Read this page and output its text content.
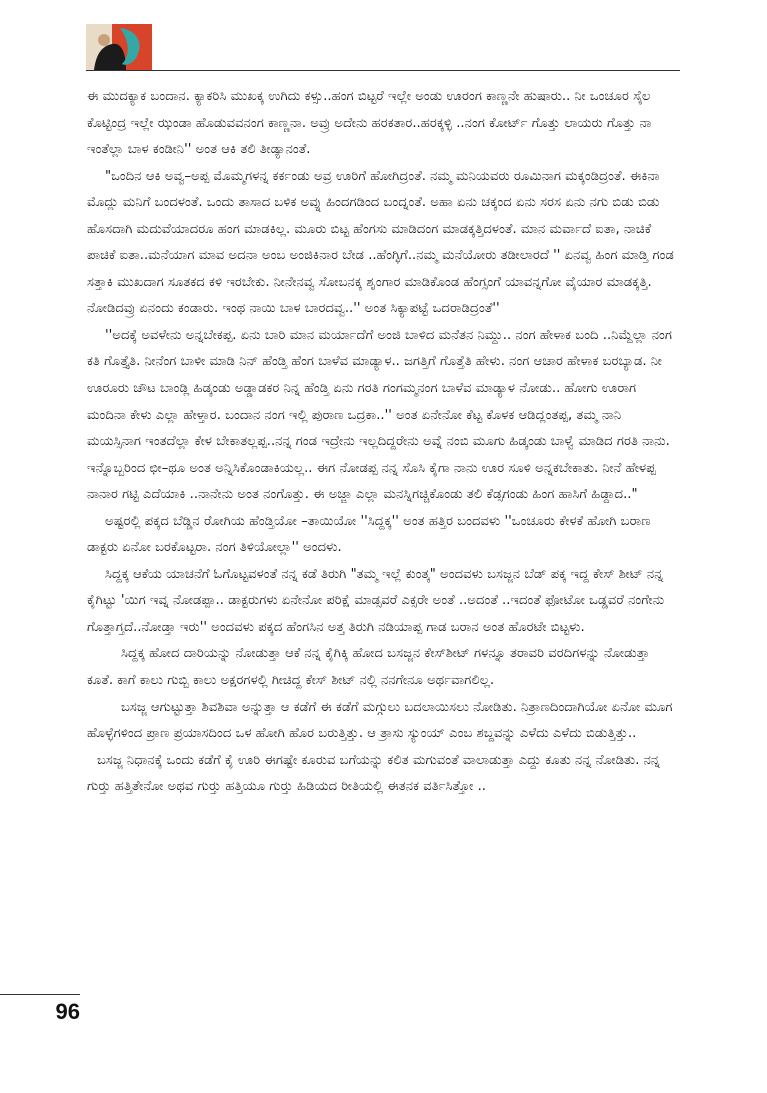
ಈ ಮುದಕ್ಯಾಕ ಬಂದಾನ. ಕ್ಯಾಕರಿಸಿ ಮುಖಕ್ಕ ಉಗಿದು ಕಳ್ಸು..ಹಂಗ ಬಿಟ್ಟರೆ ಇಲ್ಲೇ ಅಂಡು ಊರಂಗ ಕಾಣ್ಣನೇ ಹುಷಾರು.. ನೀ ಒಂಚೂರ ಸೈಲ ಕೊಟ್ಟಿಂದ್ರ ಇಲ್ಲೇ ಝಂಡಾ ಹೊಡುವವನಂಗ ಕಾಣ್ಣನಾ. ಅವ್ರು ಅದೇನು ಹರಕತಾರ..ಹರಕ್ಕಳ್ಳಿ ..ನಂಗ ಕೋರ್ಟ್ ಗೊತ್ತು ಲಾಯರು ಗೊತ್ತು ನಾ ಇಂತೆಲ್ಲಾ ಬಾಳ ಕಂಡೀನಿ'' ಅಂತ ಆಕಿ ತಲಿ ತೀಡ್ಯಾನಂತೆ.

"ಒಂದಿನ ಆಕಿ ಅವ್ವ–ಅಪ್ಪ ಮೊಮ್ಮಗಳನ್ನ ಕರ್ಕಂಡು ಅವ್ರ ಊರಿಗೆ ಹೋಗಿದ್ರಂತೆ. ನಮ್ಮ ಮನಿಯವರು ರೂಮಿನಾಗ ಮಕ್ಕಂಡಿದ್ರಂತೆ. ಈಕಿನಾ ಮೊದ್ಲು ಮನಿಗೆ ಬಂದಳಂತೆ. ಒಂದು ತಾಸಾದ ಬಳಿಕ ಅವ್ನು ಹಿಂದಗಡಿಂದ ಬಂದ್ನಂತೆ. ಅಹಾ ಏನು ಚಕ್ಕಂದ ಏನು ಸರಸ ಏನು ನಗು ಬಿಡು ಬಿಡು ಹೊಸದಾಗಿ ಮದುವೆಯಾದರೂ ಹಂಗ ಮಾಡಕಿಲ್ಲ. ಮೂರು ಬಿಟ್ಟ ಹೆಂಗಸು ಮಾಡಿದಂಗ ಮಾಡಕ್ಕತ್ತಿದಳಂತೆ. ಮಾನ ಮರ್ವಾದೆ ಐತಾ, ನಾಚಿಕೆ ಪಾಚಿಕೆ ಐತಾ..ಮನೆಯಾಗ ಮಾವ ಅದನಾ ಅಂಬ ಅಂಜಿಕಿನಾರ ಬೇಡ ..ಹೆಂಗ್ಳಿಗೆ..ನಮ್ಮ ಮನೆಯೋರು ತಡೀಲಾರದೆ '' ಏನವ್ವ ಹಿಂಗ ಮಾಡ್ತಿ ಗಂಡ ಸತ್ತಾಕಿ ಮುಖದಾಗ ಸೂತಕದ ಕಳಿ ಇರಬೇಕು. ನೀನೇನವ್ವ ಸೋಬನಕ್ಕ ಶೃಂಗಾರ ಮಾಡಿಕೊಂಡ ಹೆಂಗ್ಸಂಗೆ ಯಾವನ್ನಗೋ ವೈಯಾರ ಮಾಡಕ್ಕತ್ತಿ. ನೋಡಿದವ್ರು ಏನಂದು ಕಂಡಾರು. ಇಂಥ ನಾಯಿ ಬಾಳ ಬಾರದವ್ವ..'' ಅಂತ ಸಿಕ್ಯಾಪಟ್ಟೆ ಒದರಾಡಿದ್ರಂತೆ''

''ಅದಕ್ಕೆ ಅವಳೇನು ಅನ್ನಬೇಕಪ್ಪ. ಏನು ಬಾರಿ ಮಾನ ಮರ್ಯಾದೆಗೆ ಅಂಜಿ ಬಾಳಿದ ಮನೆತನ ನಿಮ್ದು.. ನಂಗ ಹೇಳಾಕ ಬಂದಿ ..ನಿಮ್ದೆಲ್ಲಾ ನಂಗ ಕತಿ ಗೊತ್ತೈತಿ. ನೀನೆಂಗ ಬಾಳೀ ಮಾಡಿ ನಿನ್ ಹೆಂಡ್ತಿ ಹೆಂಗ ಬಾಳೆವ ಮಾಡ್ಯಾಳ.. ಜಗತ್ತಿಗೆ ಗೊತ್ತೆತಿ ಹೇಳು. ನಂಗ ಆಚಾರ ಹೇಳಾಕ ಬರಬ್ಯಾಡ. ನೀ ಊರೂರು ಚೌಟ ಬಾಂಡ್ಲಿ ಹಿಡ್ಕಂಡು ಅಡ್ಡಾಡಕರ ನಿನ್ನ ಹೆಂಡ್ತಿ ಏನು ಗರತಿ ಗಂಗಮ್ಮನಂಗ ಬಾಳೆವ ಮಾಡ್ಯಾಳ ನೋಡು.. ಹೋಗು ಊರಾಗ ಮಂದಿನಾ ಕೇಳು ಎಲ್ಲಾ ಹೇಳ್ತಾರ. ಬಂದಾನ ನಂಗ ಇಲ್ಲಿ ಪುರಾಣ ಒದ್ರಕಾ..'' ಅಂತ ಏನೇನೋ ಕೆಟ್ಟ ಕೊಳಕ ಆಡಿದ್ಲಂತಪ್ಪ, ತಮ್ಮ ನಾನಿ ಮಯಸ್ಸಿನಾಗ ಇಂತದೆಲ್ಲಾ ಕೇಳ ಬೇಕಾತಲ್ಲಪ್ಪ..ನನ್ನ ಗಂಡ ಇದ್ರೇನು ಇಲ್ಲದಿದ್ದರೇನು ಅವ್ನೆ ನಂಬಿ ಮೂಗು ಹಿಡ್ಕಂಡು ಬಾಳ್ವೆ ಮಾಡಿದ ಗರತಿ ನಾನು. ಇನ್ನೊಬ್ಬರಿಂದ ಛೀ–ಥೂ ಅಂತ ಅನ್ನಿಸಿಕೊಂಡಾಕಿಯಲ್ಲ.. ಈಗ ನೋಡಪ್ಪ ನನ್ನ ಸೊಸಿ ಕೈಗಾ ನಾನು ಊರ ಸೂಳಿ ಅನ್ನಕಬೇಕಾತು. ನೀನೆ ಹೇಳಪ್ಪ ನಾನಾರ ಗಟ್ಟಿ ಎದೆಯಾಕಿ ..ನಾನೇನು ಅಂತ ನಂಗೊತ್ತು. ಈ ಅಜ್ಜಾ ಎಲ್ಲಾ ಮನಸ್ನಿಗಚ್ಚಿಕೊಂಡು ತಲಿ ಕೆಡ್ಸಗಂಡು ಹಿಂಗ ಹಾಸಿಗೆ ಹಿಡ್ದಾದ.."

ಅಷ್ಟರಲ್ಲಿ ಪಕ್ಕದ ಬೆಡ್ಡಿನ ರೋಗಿಯ ಹೆಂಡ್ತಿಯೋ –ತಾಯಿಯೋ ''ಸಿದ್ದಕ್ಕ'' ಅಂತ ಹತ್ತಿರ ಬಂದವಳು ''ಒಂಚೂರು ಕೇಳಕೆ ಹೋಗಿ ಬರಾಣ ಡಾಕ್ಟರು ಏನೋ ಬರಕೊಟ್ಟರಾ. ನಂಗ ತಿಳಿಯೋಲ್ಲಾ'' ಅಂದಳು.

ಸಿದ್ದಕ್ಕ ಆಕೆಯ ಯಾಚನೆಗೆ ಓಗೊಟ್ಟವಳಂತೆ ನನ್ನ ಕಡೆ ತಿರುಗಿ "ತಮ್ಮ ಇಲ್ಲೆ ಕುಂತ್ಕ" ಅಂದವಳು ಬಸಜ್ಜನ ಬೆಡ್ ಪಕ್ಕ ಇದ್ದ ಕೇಸ್ ಶೀಟ್ ನನ್ನ ಕೈಗಿಟ್ಟು 'ಯಿಗ ಇವ್ನ ನೋಡಪ್ಪಾ.. ಡಾಕ್ಟರುಗಳು ಏನೇನೋ ಪರಿಕ್ಷೆ ಮಾಡ್ಸವರೆ ಎಕ್ಸರೇ ಅಂತೆ ..ಅದಂತೆ ..ಇದಂತೆ ಫೋಟೋ ಒಡ್ಡವರೆ ನಂಗೇನು ಗೊತ್ತಾಗ್ತದೆ..ನೋಡ್ತಾ ಇರು'' ಅಂದವಳು ಪಕ್ಕದ ಹೆಂಗಸಿನ ಅತ್ತ ತಿರುಗಿ ನಡಿಯಾಪ್ಪ ಗಾಡ ಬರಾನ ಅಂತ ಹೊರಟೇ ಬಿಟ್ಟಳು.

ಸಿದ್ದಕ್ಕ ಹೋದ ದಾರಿಯನ್ನು ನೋಡುತ್ತಾ ಆಕೆ ನನ್ನ ಕೈಗಿಕ್ಕಿ ಹೋದ ಬಸಜ್ಜನ ಕೇಸ್‌ಶೀಟ್ ಗಳನ್ನೂ ತರಾವರಿ ವರದಿಗಳನ್ನು ನೋಡುತ್ತಾ ಕೂತೆ. ಕಾಗೆ ಕಾಲು ಗುಬ್ಬಿ ಕಾಲು ಅಕ್ಷರಗಳಲ್ಲಿ ಗೀಚಿದ್ದ ಕೇಸ್ ಶೀಟ್ ನಲ್ಲಿ ನನಗೇನೂ ಅರ್ಥವಾಗಲಿಲ್ಲ.

ಬಸಜ್ಜ ಆಗುಟ್ಟುತ್ತಾ ಶಿವಶಿವಾ ಅನ್ನುತ್ತಾ ಆ ಕಡೆಗೆ ಈ ಕಡೆಗೆ ಮಗ್ಗುಲು ಬದಲಾಯಿಸಲು ನೋಡಿತು. ನಿತ್ರಾಣದಿಂದಾಗಿಯೋ ಏನೋ ಮೂಗ ಹೊಳ್ಳೆಗಳಿಂದ ಪ್ರಾಣ ಪ್ರಯಾಸದಿಂದ ಒಳ ಹೋಗಿ ಹೊರ ಬರುತ್ತಿತ್ತು. ಆ ತ್ರಾಸು ಸ್ಯುಂಯ್ ಎಂಬ ಶಬ್ದವನ್ನು ಎಳೆದು ಎಳೆದು ಬಿಡುತ್ತಿತ್ತು..

ಬಸಜ್ಜ ನಿಧಾನಕ್ಕೆ ಒಂದು ಕಡೆಗೆ ಕೈ ಊರಿ ಈಗಷ್ಟೇ ಕೂರುವ ಬಗೆಯನ್ನು ಕಲಿತ ಮಗುವಂತೆ ವಾಲಾಡುತ್ತಾ ಎದ್ದು ಕೂತು ನನ್ನ ನೋಡಿತು. ನನ್ನ ಗುರ್‍ತು ಹತ್ತಿತೇನೋ ಅಥವ ಗುರ್‍ತು ಹತ್ತಿಯೂ ಗುರ್‍ತು ಹಿಡಿಯದ ರೀತಿಯಲ್ಲಿ ಈತನಕ ವರ್ತಿಸಿತ್ತೋ ..

96
